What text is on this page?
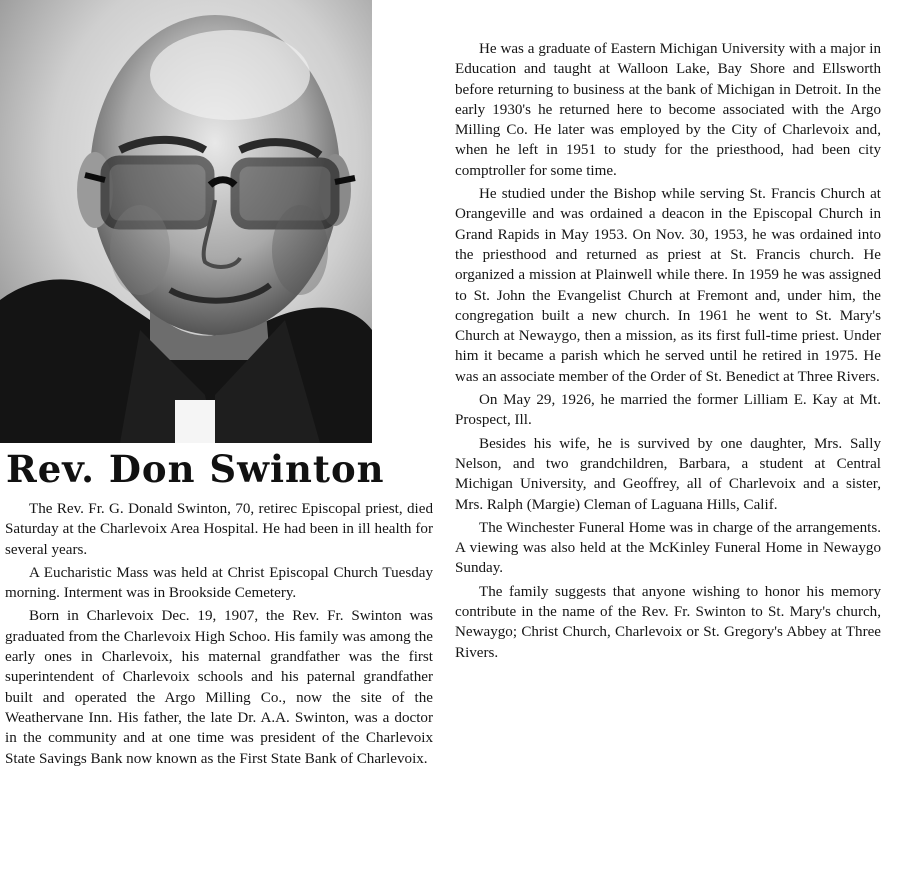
Rev. Don Swinton

The Rev. Fr. G. Donald Swinton, 70, retirec Episcopal priest, died Saturday at the Charlevoix Area Hospital. He had been in ill health for several years.

A Eucharistic Mass was held at Christ Episcopal Church Tuesday morning. Interment was in Brookside Cemetery.

Born in Charlevoix Dec. 19, 1907, the Rev. Fr. Swinton was graduated from the Charlevoix High Schoo. His family was among the early ones in Charlevoix, his maternal grandfather was the first superintendent of Charlevoix schools and his paternal grandfather built and operated the Argo Milling Co., now the site of the Weathervane Inn. His father, the late Dr. A.A. Swinton, was a doctor in the community and at one time was president of the Charlevoix State Savings Bank now known as the First State Bank of Charlevoix.

He was a graduate of Eastern Michigan University with a major in Education and taught at Walloon Lake, Bay Shore and Ellsworth before returning to business at the bank of Michigan in Detroit. In the early 1930's he returned here to become associated with the Argo Milling Co. He later was employed by the City of Charlevoix and, when he left in 1951 to study for the priesthood, had been city comptroller for some time.

He studied under the Bishop while serving St. Francis Church at Orangeville and was ordained a deacon in the Episcopal Church in Grand Rapids in May 1953. On Nov. 30, 1953, he was ordained into the priesthood and returned as priest at St. Francis church. He organized a mission at Plainwell while there. In 1959 he was assigned to St. John the Evangelist Church at Fremont and, under him, the congregation built a new church. In 1961 he went to St. Mary's Church at Newaygo, then a mission, as its first full-time priest. Under him it became a parish which he served until he retired in 1975. He was an associate member of the Order of St. Benedict at Three Rivers.

On May 29, 1926, he married the former Lilliam E. Kay at Mt. Prospect, Ill.

Besides his wife, he is survived by one daughter, Mrs. Sally Nelson, and two grandchildren, Barbara, a student at Central Michigan University, and Geoffrey, all of Charlevoix and a sister, Mrs. Ralph (Margie) Cleman of Laguana Hills, Calif.

The Winchester Funeral Home was in charge of the arrangements. A viewing was also held at the McKinley Funeral Home in Newaygo Sunday.

The family suggests that anyone wishing to honor his memory contribute in the name of the Rev. Fr. Swinton to St. Mary's church, Newaygo; Christ Church, Charlevoix or St. Gregory's Abbey at Three Rivers.
